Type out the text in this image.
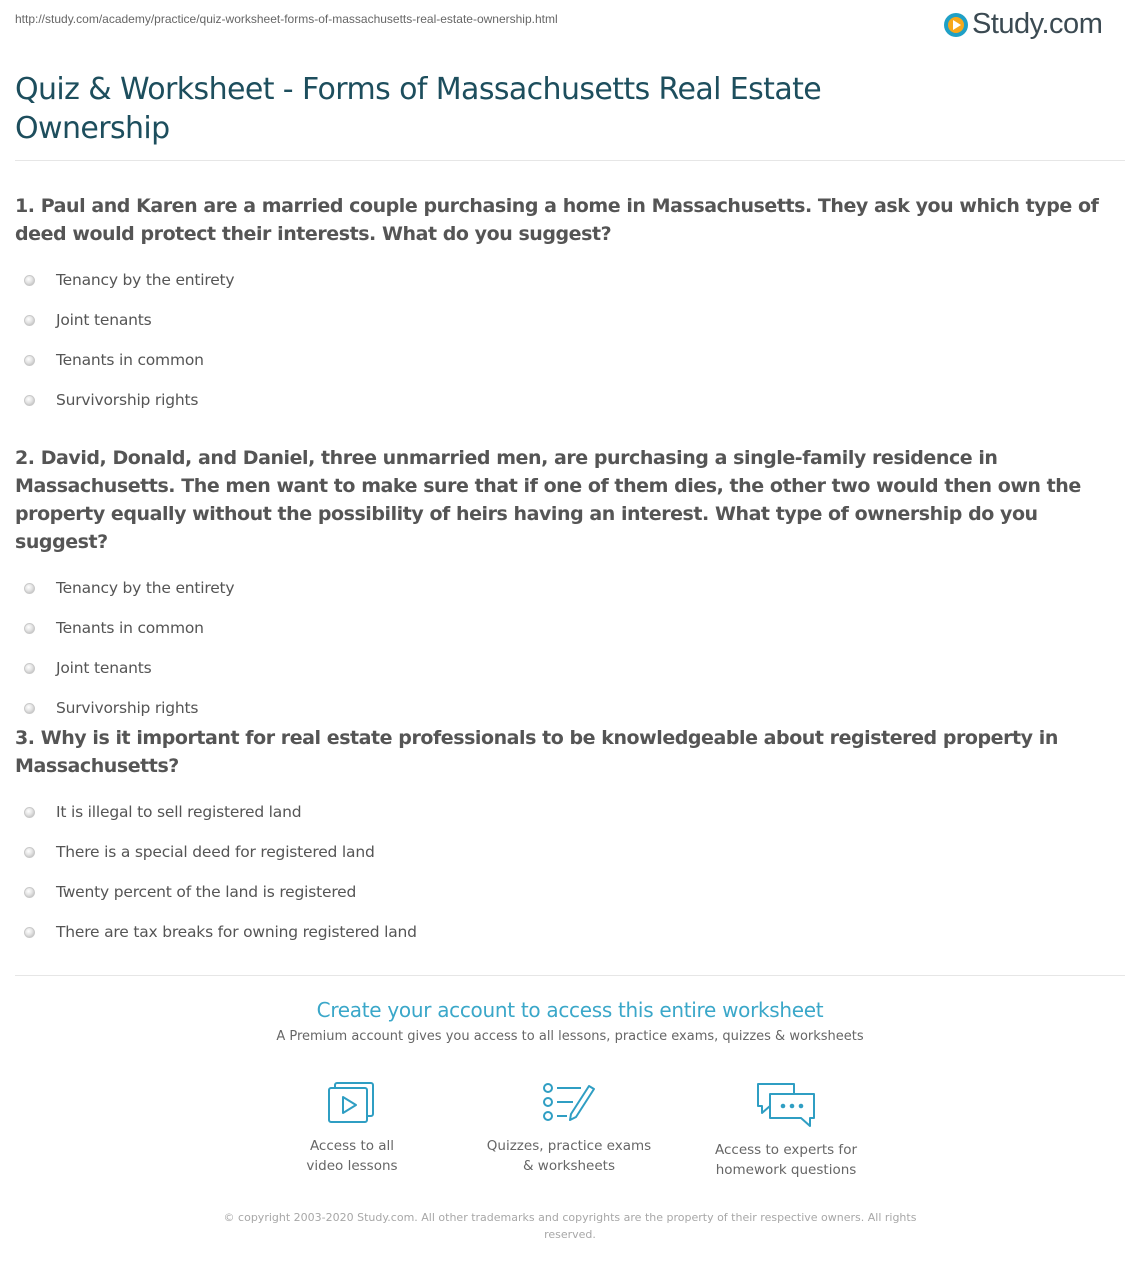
http://study.com/academy/practice/quiz-worksheet-forms-of-massachusetts-real-estate-ownership.html	Study.com
Quiz & Worksheet - Forms of Massachusetts Real Estate Ownership
1. Paul and Karen are a married couple purchasing a home in Massachusetts. They ask you which type of deed would protect their interests. What do you suggest?
Tenancy by the entirety
Joint tenants
Tenants in common
Survivorship rights
2. David, Donald, and Daniel, three unmarried men, are purchasing a single-family residence in Massachusetts. The men want to make sure that if one of them dies, the other two would then own the property equally without the possibility of heirs having an interest. What type of ownership do you suggest?
Tenancy by the entirety
Tenants in common
Joint tenants
Survivorship rights
3. Why is it important for real estate professionals to be knowledgeable about registered property in Massachusetts?
It is illegal to sell registered land
There is a special deed for registered land
Twenty percent of the land is registered
There are tax breaks for owning registered land
Create your account to access this entire worksheet
A Premium account gives you access to all lessons, practice exams, quizzes & worksheets
Access to all
video lessons
Quizzes, practice exams
& worksheets
Access to experts for
homework questions
© copyright 2003-2020 Study.com. All other trademarks and copyrights are the property of their respective owners. All rights
reserved.
